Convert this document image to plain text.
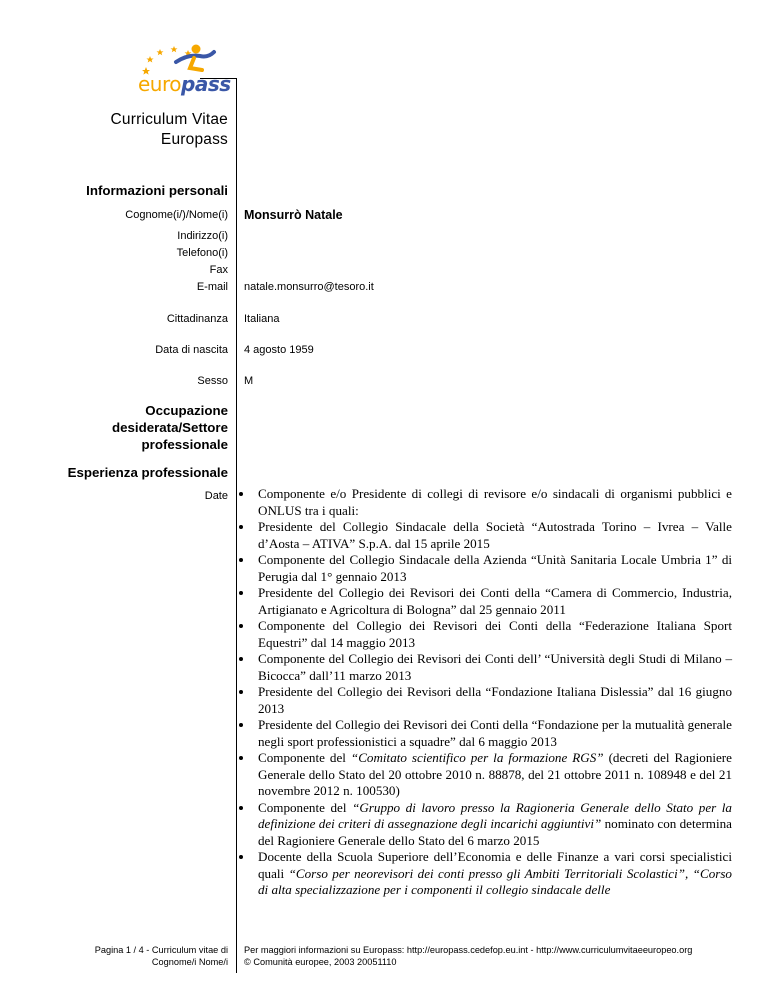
europass
Curriculum Vitae
Europass
Informazioni personali
Cognome(i/)/Nome(i) Monsurrò Natale
Indirizzo(i)
Telefono(i)
Fax
E-mail natale.monsurro@tesoro.it
Cittadinanza Italiana
Data di nascita 4 agosto 1959
Sesso M
Occupazione
desiderata/Settore
professionale
Esperienza professionale
Date	Componente e/o Presidente di collegi di revisore e/o sindacali di organismi pubblici e ONLUS tra i quali:
Presidente del Collegio Sindacale della Società “Autostrada Torino – Ivrea – Valle d’Aosta – ATIVA” S.p.A. dal 15 aprile 2015
Componente del Collegio Sindacale della Azienda “Unità Sanitaria Locale Umbria 1” di Perugia dal 1° gennaio 2013
Presidente del Collegio dei Revisori dei Conti della “Camera di Commercio, Industria, Artigianato e Agricoltura di Bologna” dal 25 gennaio 2011
Componente del Collegio dei Revisori dei Conti della “Federazione Italiana Sport Equestri” dal 14 maggio 2013
Componente del Collegio dei Revisori dei Conti dell’ “Università degli Studi di Milano – Bicocca” dall’11 marzo 2013
Presidente del Collegio dei Revisori della “Fondazione Italiana Dislessia” dal 16 giugno 2013
Presidente del Collegio dei Revisori dei Conti della “Fondazione per la mutualità generale negli sport professionistici a squadre” dal 6 maggio 2013
Componente del “Comitato scientifico per la formazione RGS” (decreti del Ragioniere Generale dello Stato del 20 ottobre 2010 n. 88878, del 21 ottobre 2011 n. 108948 e del 21 novembre 2012 n. 100530)
Componente del “Gruppo di lavoro presso la Ragioneria Generale dello Stato per la definizione dei criteri di assegnazione degli incarichi aggiuntivi” nominato con determina del Ragioniere Generale dello Stato del 6 marzo 2015
Docente della Scuola Superiore dell’Economia e delle Finanze a vari corsi specialistici quali “Corso per neorevisori dei conti presso gli Ambiti Territoriali Scolastici”, “Corso di alta specializzazione per i componenti il collegio sindacale delle
Pagina 1 / 4 - Curriculum vitae di
Cognome/i Nome/i
Per maggiori informazioni su Europass: http://europass.cedefop.eu.int - http://www.curriculumvitaeeuropeo.org
© Comunità europee, 2003 20051110
